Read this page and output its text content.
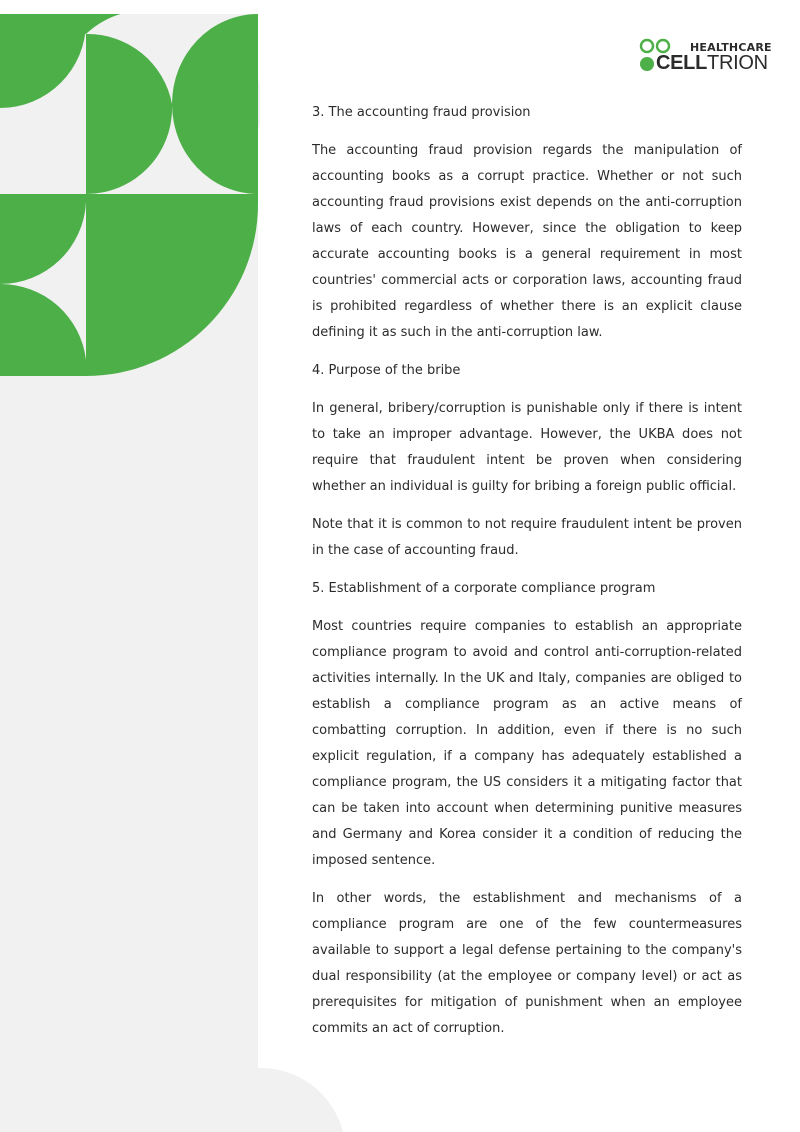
HEALTHCARE
CELLTRION
3. The accounting fraud provision

The accounting fraud provision regards the manipulation of accounting books as a corrupt practice. Whether or not such accounting fraud provisions exist depends on the anti-corruption laws of each country. However, since the obligation to keep accurate accounting books is a general requirement in most countries' commercial acts or corporation laws, accounting fraud is prohibited regardless of whether there is an explicit clause defining it as such in the anti-corruption law.

4. Purpose of the bribe

In general, bribery/corruption is punishable only if there is intent to take an improper advantage. However, the UKBA does not require that fraudulent intent be proven when considering whether an individual is guilty for bribing a foreign public official.

Note that it is common to not require fraudulent intent be proven in the case of accounting fraud.

5. Establishment of a corporate compliance program

Most countries require companies to establish an appropriate compliance program to avoid and control anti-corruption-related activities internally. In the UK and Italy, companies are obliged to establish a compliance program as an active means of combatting corruption. In addition, even if there is no such explicit regulation, if a company has adequately established a compliance program, the US considers it a mitigating factor that can be taken into account when determining punitive measures and Germany and Korea consider it a condition of reducing the imposed sentence.

In other words, the establishment and mechanisms of a compliance program are one of the few countermeasures available to support a legal defense pertaining to the company's dual responsibility (at the employee or company level) or act as prerequisites for mitigation of punishment when an employee commits an act of corruption.
